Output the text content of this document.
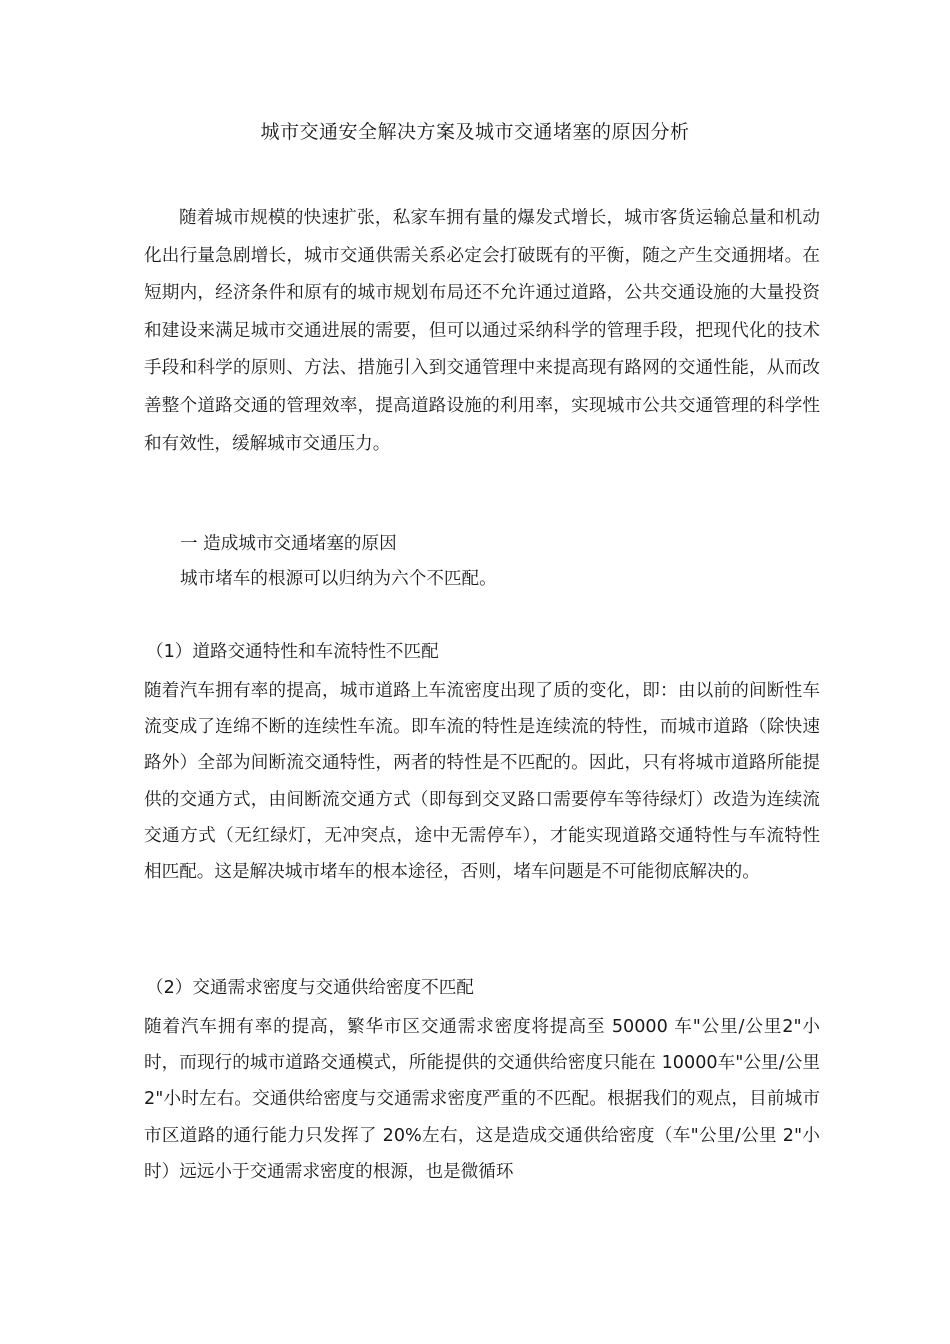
城市交通安全解决方案及城市交通堵塞的原因分析

随着城市规模的快速扩张，私家车拥有量的爆发式增长，城市客货运输总量和机动化出行量急剧增长，城市交通供需关系必定会打破既有的平衡，随之产生交通拥堵。在短期内，经济条件和原有的城市规划布局还不允许通过道路，公共交通设施的大量投资和建设来满足城市交通进展的需要，但可以通过采纳科学的管理手段，把现代化的技术手段和科学的原则、方法、措施引入到交通管理中来提高现有路网的交通性能，从而改善整个道路交通的管理效率，提高道路设施的利用率，实现城市公共交通管理的科学性和有效性，缓解城市交通压力。

一 造成城市交通堵塞的原因

城市堵车的根源可以归纳为六个不匹配。

（1）道路交通特性和车流特性不匹配

随着汽车拥有率的提高，城市道路上车流密度出现了质的变化，即：由以前的间断性车流变成了连绵不断的连续性车流。即车流的特性是连续流的特性，而城市道路（除快速路外）全部为间断流交通特性，两者的特性是不匹配的。因此，只有将城市道路所能提供的交通方式，由间断流交通方式（即每到交叉路口需要停车等待绿灯）改造为连续流交通方式（无红绿灯，无冲突点，途中无需停车），才能实现道路交通特性与车流特性相匹配。这是解决城市堵车的根本途径，否则，堵车问题是不可能彻底解决的。

（2）交通需求密度与交通供给密度不匹配

随着汽车拥有率的提高，繁华市区交通需求密度将提高至 50000 车"公里/公里2"小时，而现行的城市道路交通模式，所能提供的交通供给密度只能在 10000车"公里/公里 2"小时左右。交通供给密度与交通需求密度严重的不匹配。根据我们的观点，目前城市市区道路的通行能力只发挥了 20%左右，这是造成交通供给密度（车"公里/公里 2"小时）远远小于交通需求密度的根源，也是微循环
